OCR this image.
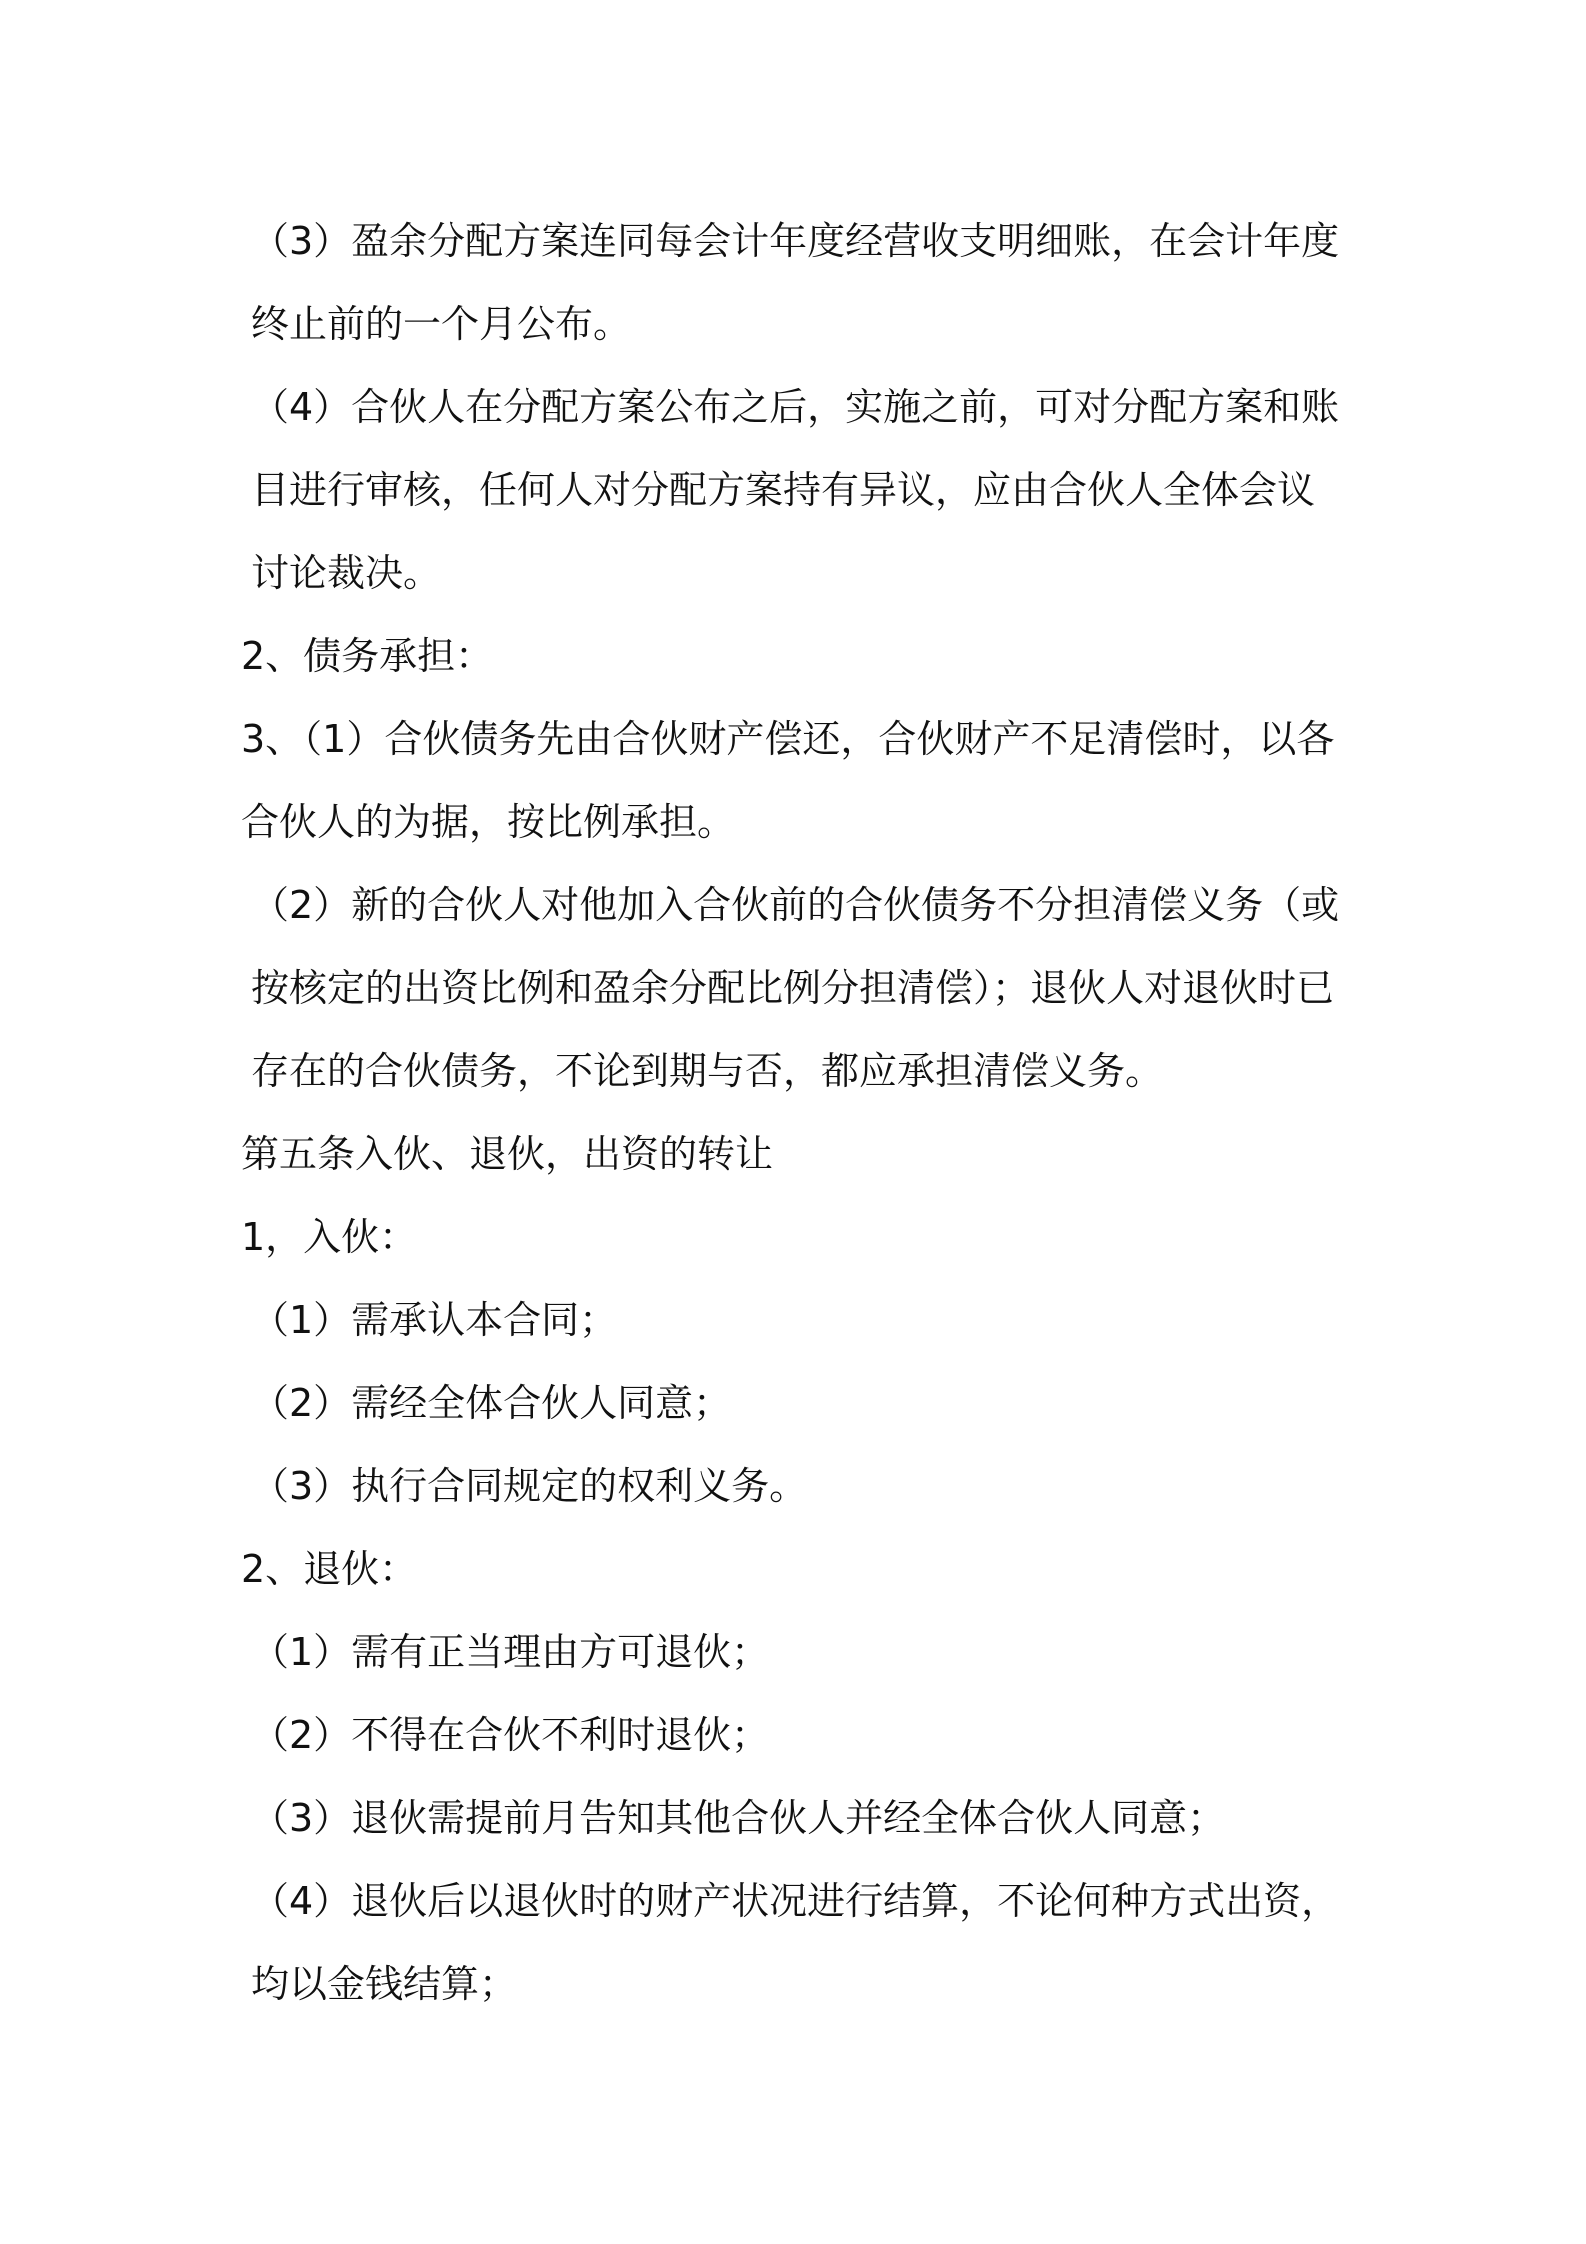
（3）盈余分配方案连同每会计年度经营收支明细账，在会计年度终止前的一个月公布。

（4）合伙人在分配方案公布之后，实施之前，可对分配方案和账目进行审核，任何人对分配方案持有异议，应由合伙人全体会议讨论裁决。

2、债务承担：

3、（1）合伙债务先由合伙财产偿还，合伙财产不足清偿时，以各合伙人的为据，按比例承担。

（2）新的合伙人对他加入合伙前的合伙债务不分担清偿义务（或按核定的出资比例和盈余分配比例分担清偿）；退伙人对退伙时已存在的合伙债务，不论到期与否，都应承担清偿义务。

第五条入伙、退伙，出资的转让

1，入伙：

（1）需承认本合同；

（2）需经全体合伙人同意；

（3）执行合同规定的权利义务。

2、退伙：

（1）需有正当理由方可退伙；

（2）不得在合伙不利时退伙；

（3）退伙需提前月告知其他合伙人并经全体合伙人同意；

（4）退伙后以退伙时的财产状况进行结算，不论何种方式出资，均以金钱结算；
